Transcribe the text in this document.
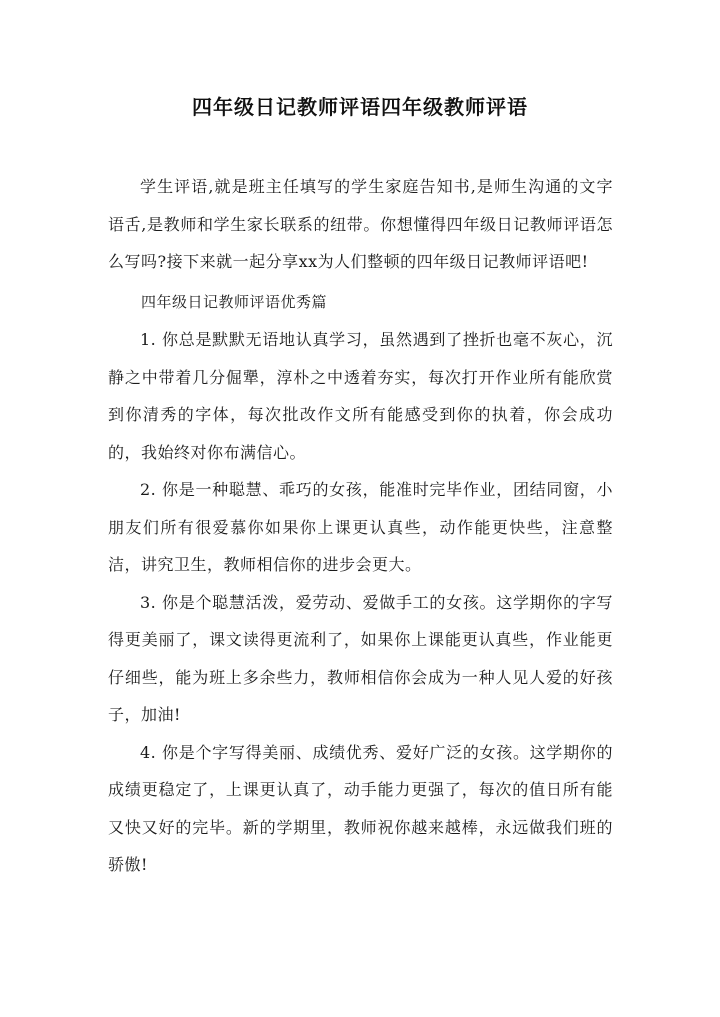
四年级日记教师评语四年级教师评语

学生评语,就是班主任填写的学生家庭告知书,是师生沟通的文字语舌,是教师和学生家长联系的纽带。你想懂得四年级日记教师评语怎么写吗?接下来就一起分享xx为人们整顿的四年级日记教师评语吧!

四年级日记教师评语优秀篇

1. 你总是默默无语地认真学习，虽然遇到了挫折也毫不灰心，沉静之中带着几分倔犟，淳朴之中透着夯实，每次打开作业所有能欣赏到你清秀的字体，每次批改作文所有能感受到你的执着，你会成功的，我始终对你布满信心。

2. 你是一种聪慧、乖巧的女孩，能准时完毕作业，团结同窗，小朋友们所有很爱慕你如果你上课更认真些，动作能更快些，注意整洁，讲究卫生，教师相信你的进步会更大。

3. 你是个聪慧活泼，爱劳动、爱做手工的女孩。这学期你的字写得更美丽了，课文读得更流利了，如果你上课能更认真些，作业能更仔细些，能为班上多余些力，教师相信你会成为一种人见人爱的好孩子，加油!

4. 你是个字写得美丽、成绩优秀、爱好广泛的女孩。这学期你的成绩更稳定了，上课更认真了，动手能力更强了，每次的值日所有能又快又好的完毕。新的学期里，教师祝你越来越棒，永远做我们班的骄傲!
